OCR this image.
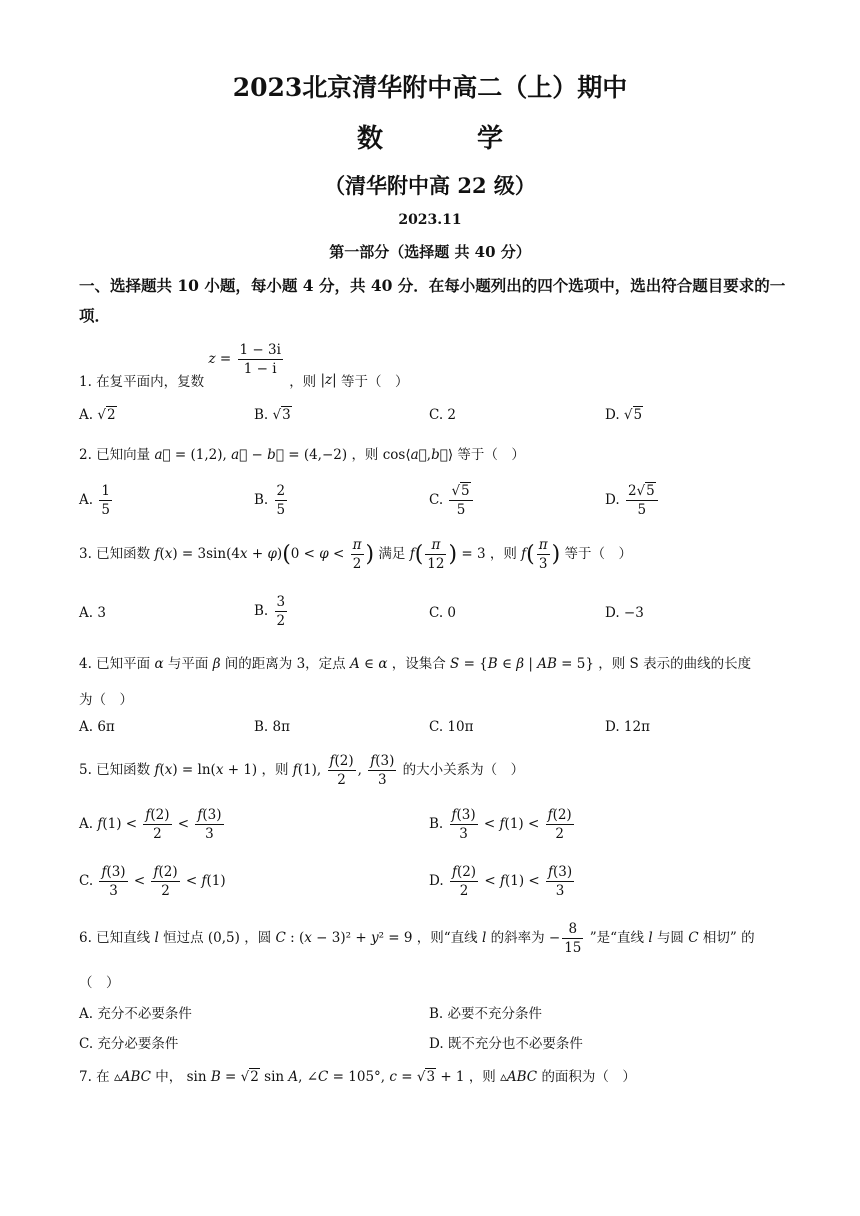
2023北京清华附中高二（上）期中
数　学
（清华附中高 22 级）
2023.11
第一部分（选择题 共 40 分）
一、选择题共 10 小题，每小题 4 分，共 40 分．在每小题列出的四个选项中，选出符合题目要求的一项．
1. 在复平面内，复数 $z = \frac{1 - 3i}{1 - i}$
，则 |z| 等于（　）
A. √2	B. √3	C. 2	D. √5
2. 已知向量 a⃗ = (1,2), a⃗ − b⃗ = (4,−2) ，则 cos⟨a⃗,b⃗⟩ 等于（　）
A. $\frac{1}{5}$	B. $\frac{2}{5}$	C. $\frac{√5}{5}$	D. $\frac{2√5}{5}$
3. 已知函数 $f(x) = 3\sin(4x + \varphi)(0 < \varphi < \frac{\pi}{2}$ ) 满足 $f( \frac{\pi}{12}$ ) = 3 ，则 $f( \frac{\pi}{3}$ ) 等于（　）
A. 3	B. $\frac{3}{2}$	C. 0	D. −3
4. 已知平面 α 与平面 β 间的距离为 3，定点 A ∈ α ，设集合 S = {B ∈ β | AB = 5} ，则 S 表示的曲线的长度
为（　）
A. 6π	B. 8π	C. 10π	D. 12π
5. 已知函数 f(x) = ln(x + 1) ，则 f(1), $\frac{f(2)}{2}$ , $\frac{f(3)}{3}$ 的大小关系为（　）
A. $f(1) < \frac{f(2)}{2} < \frac{f(3)}{3}$	B. $\frac{f(3)}{3} < f(1) < \frac{f(2)}{2}$
C. $\frac{f(3)}{3} < \frac{f(2)}{2} < f(1)$	D. $\frac{f(2)}{2} < f(1) < \frac{f(3)}{3}$
6. 已知直线 l 恒过点 (0,5) ，圆 C : (x − 3)² + y² = 9 ，则“直线 l 的斜率为 − $\frac{8}{15}$ ”是“直线 l 与圆 C 相切” 的
（　）
A. 充分不必要条件	B. 必要不充分条件
C. 充分必要条件	D. 既不充分也不必要条件
7. 在 ▵ABC 中， sin B = √2 sin A, ∠C = 105°, c = √3 + 1 ，则 ▵ABC 的面积为（　）
